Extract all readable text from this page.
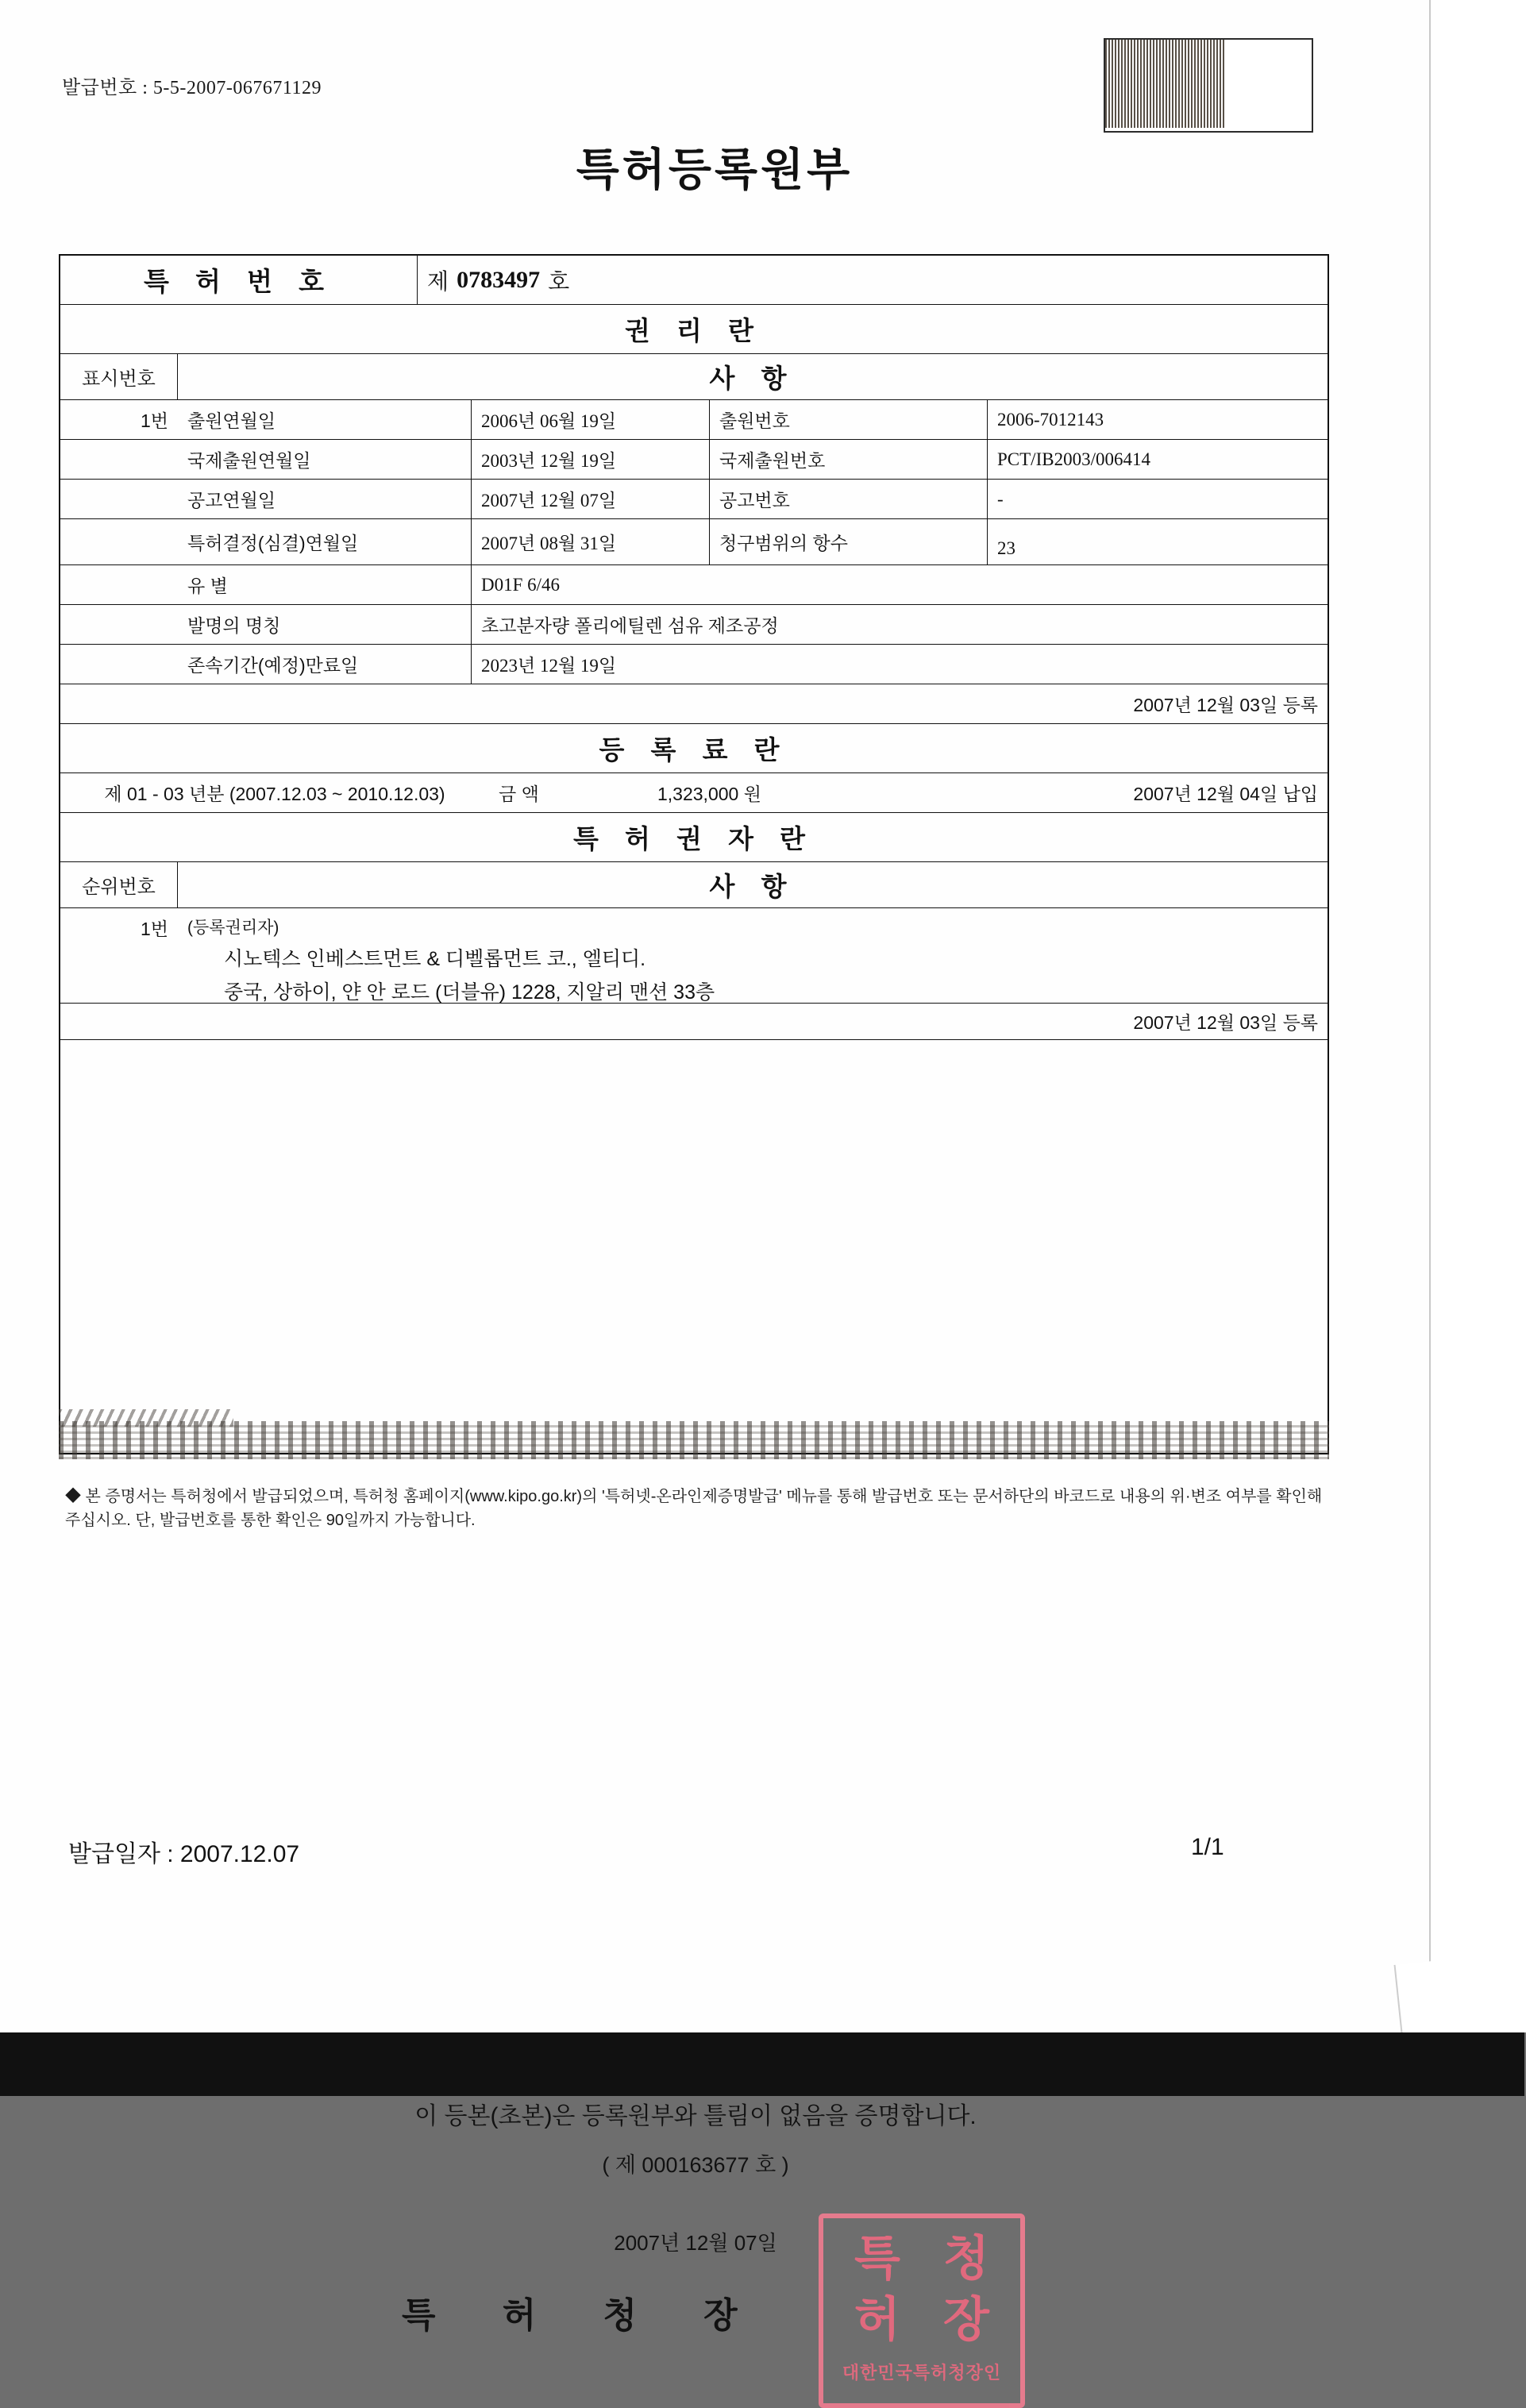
발급번호 : 5-5-2007-067671129
특허등록원부
특 허 번 호	제 0783497 호
권 리 란
표시번호	사 항
1번	출원연월일	2006년 06월 19일	출원번호	2006-7012143
국제출원연월일	2003년 12월 19일	국제출원번호	PCT/IB2003/006414
공고연월일	2007년 12월 07일	공고번호	-
특허결정(심결)연월일	2007년 08월 31일	청구범위의 항수	23
유 별	D01F 6/46
발명의 명칭	초고분자량 폴리에틸렌 섬유 제조공정
존속기간(예정)만료일	2023년 12월 19일
2007년 12월 03일 등록
등 록 료 란
제 01 - 03 년분 (2007.12.03 ~ 2010.12.03)	금 액	1,323,000 원	2007년 12월 04일 납입
특 허 권 자 란
순위번호	사 항
1번	(등록권리자)
시노텍스 인베스트먼트 & 디벨롭먼트 코., 엘티디.
중국, 상하이, 얀 안 로드 (더블유) 1228, 지알리 맨션 33층
2007년 12월 03일 등록
이 등본(초본)은 등록원부와 틀림이 없음을 증명합니다.
( 제 000163677 호 )
2007년 12월 07일
특 허 청 장
특 청
허 장
대한민국특허청장인
◆ 본 증명서는 특허청에서 발급되었으며, 특허청 홈페이지(www.kipo.go.kr)의 '특허넷-온라인제증명발급' 메뉴를 통해 발급번호 또는 문서하단의 바코드로 내용의 위·변조 여부를 확인해 주십시오. 단, 발급번호를 통한 확인은 90일까지 가능합니다.
발급일자 : 2007.12.07	1/1
